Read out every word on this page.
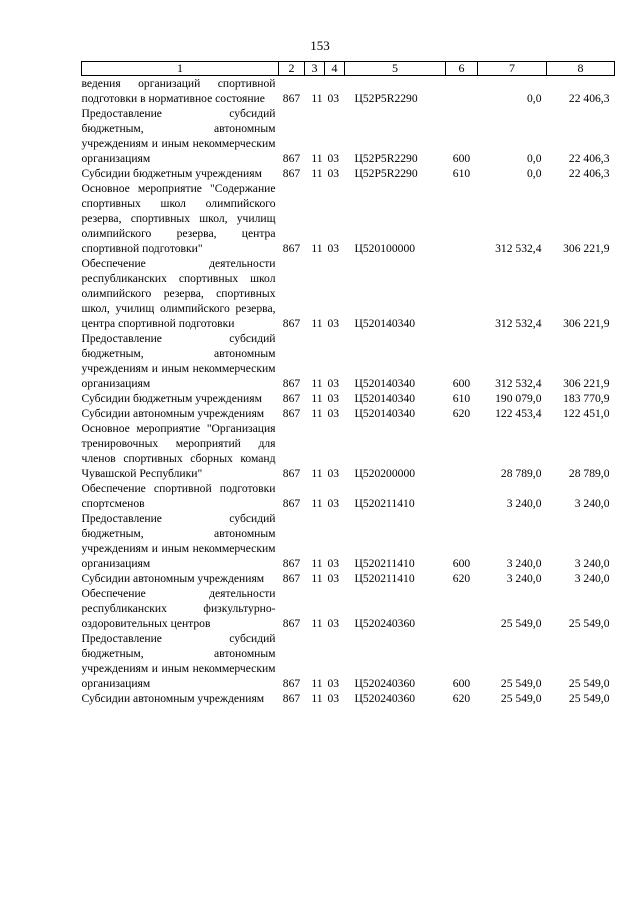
153
1	2	3	4	5	6	7	8
ведения организаций спортивной подготовки в нормативное состояние	867	11	03	Ц52P5R2290		0,0	22 406,3
Предоставление субсидий бюджетным, автономным учреждениям и иным некоммерческим организациям	867	11	03	Ц52P5R2290	600	0,0	22 406,3
Субсидии бюджетным учреждениям	867	11	03	Ц52P5R2290	610	0,0	22 406,3
Основное мероприятие "Содержание спортивных школ олимпийского резерва, спортивных школ, училищ олимпийского резерва, центра спортивной подготовки"	867	11	03	Ц520100000		312 532,4	306 221,9
Обеспечение деятельности республиканских спортивных школ олимпийского резерва, спортивных школ, училищ олимпийского резерва, центра спортивной подготовки	867	11	03	Ц520140340		312 532,4	306 221,9
Предоставление субсидий бюджетным, автономным учреждениям и иным некоммерческим организациям	867	11	03	Ц520140340	600	312 532,4	306 221,9
Субсидии бюджетным учреждениям	867	11	03	Ц520140340	610	190 079,0	183 770,9
Субсидии автономным учреждениям	867	11	03	Ц520140340	620	122 453,4	122 451,0
Основное мероприятие "Организация тренировочных мероприятий для членов спортивных сборных команд Чувашской Республики"	867	11	03	Ц520200000		28 789,0	28 789,0
Обеспечение спортивной подготовки спортсменов	867	11	03	Ц520211410		3 240,0	3 240,0
Предоставление субсидий бюджетным, автономным учреждениям и иным некоммерческим организациям	867	11	03	Ц520211410	600	3 240,0	3 240,0
Субсидии автономным учреждениям	867	11	03	Ц520211410	620	3 240,0	3 240,0
Обеспечение деятельности республиканских физкультурно-оздоровительных центров	867	11	03	Ц520240360		25 549,0	25 549,0
Предоставление субсидий бюджетным, автономным учреждениям и иным некоммерческим организациям	867	11	03	Ц520240360	600	25 549,0	25 549,0
Субсидии автономным учреждениям	867	11	03	Ц520240360	620	25 549,0	25 549,0
